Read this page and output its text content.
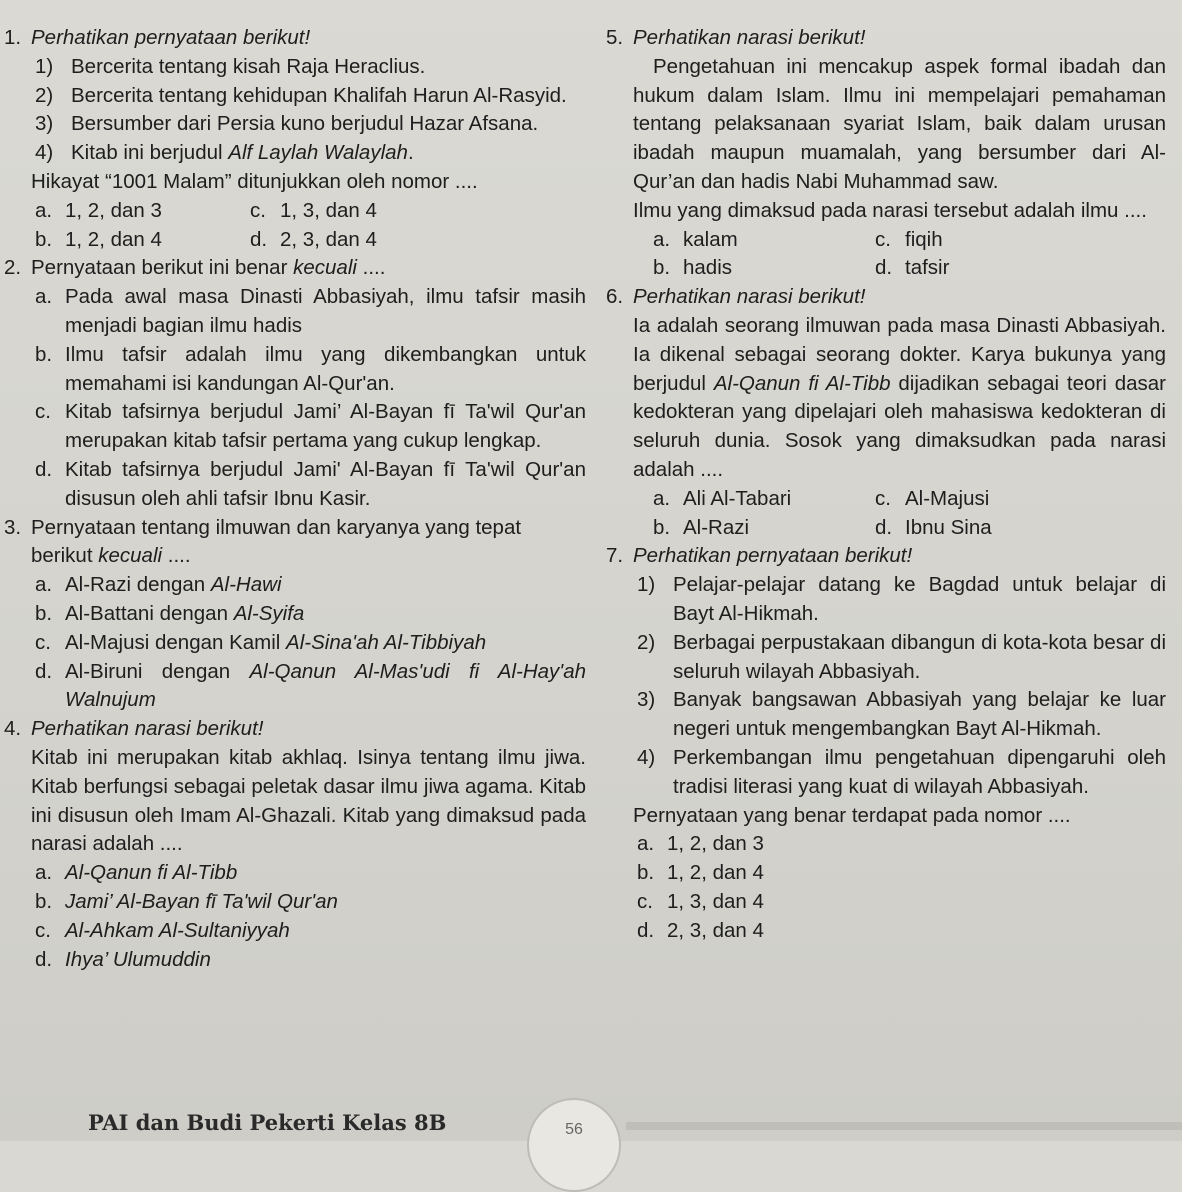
1. Perhatikan pernyataan berikut!
1) Bercerita tentang kisah Raja Heraclius.
2) Bercerita tentang kehidupan Khalifah Harun Al-Rasyid.
3) Bersumber dari Persia kuno berjudul Hazar Afsana.
4) Kitab ini berjudul Alf Laylah Walaylah.
Hikayat “1001 Malam” ditunjukkan oleh nomor ....
a. 1, 2, dan 3	c. 1, 3, dan 4
b. 1, 2, dan 4	d. 2, 3, dan 4
2. Pernyataan berikut ini benar kecuali ....
a. Pada awal masa Dinasti Abbasiyah, ilmu tafsir masih menjadi bagian ilmu hadis
b. Ilmu tafsir adalah ilmu yang dikembangkan untuk memahami isi kandungan Al-Qur'an.
c. Kitab tafsirnya berjudul Jami’ Al-Bayan fī Ta'wil Qur'an merupakan kitab tafsir pertama yang cukup lengkap.
d. Kitab tafsirnya berjudul Jami' Al-Bayan fī Ta'wil Qur'an disusun oleh ahli tafsir Ibnu Kasir.
3. Pernyataan tentang ilmuwan dan karyanya yang tepat berikut kecuali ....
a. Al-Razi dengan Al-Hawi
b. Al-Battani dengan Al-Syifa
c. Al-Majusi dengan Kamil Al-Sina'ah Al-Tibbiyah
d. Al-Biruni dengan Al-Qanun Al-Mas'udi fi Al-Hay'ah Walnujum
4. Perhatikan narasi berikut!
Kitab ini merupakan kitab akhlaq. Isinya tentang ilmu jiwa. Kitab berfungsi sebagai peletak dasar ilmu jiwa agama. Kitab ini disusun oleh Imam Al-Ghazali. Kitab yang dimaksud pada narasi adalah ....
a. Al-Qanun fi Al-Tibb
b. Jami’ Al-Bayan fī Ta'wil Qur'an
c. Al-Ahkam Al-Sultaniyyah
d. Ihya’ Ulumuddin
5. Perhatikan narasi berikut!
Pengetahuan ini mencakup aspek formal ibadah dan hukum dalam Islam. Ilmu ini mempelajari pemahaman tentang pelaksanaan syariat Islam, baik dalam urusan ibadah maupun muamalah, yang bersumber dari Al-Qur’an dan hadis Nabi Muhammad saw.
Ilmu yang dimaksud pada narasi tersebut adalah ilmu ....
a. kalam	c. fiqih
b. hadis	d. tafsir
6. Perhatikan narasi berikut!
Ia adalah seorang ilmuwan pada masa Dinasti Abbasiyah. Ia dikenal sebagai seorang dokter. Karya bukunya yang berjudul Al-Qanun fi Al-Tibb dijadikan sebagai teori dasar kedokteran yang dipelajari oleh mahasiswa kedokteran di seluruh dunia. Sosok yang dimaksudkan pada narasi adalah ....
a. Ali Al-Tabari	c. Al-Majusi
b. Al-Razi	d. Ibnu Sina
7. Perhatikan pernyataan berikut!
1) Pelajar-pelajar datang ke Bagdad untuk belajar di Bayt Al-Hikmah.
2) Berbagai perpustakaan dibangun di kota-kota besar di seluruh wilayah Abbasiyah.
3) Banyak bangsawan Abbasiyah yang belajar ke luar negeri untuk mengembangkan Bayt Al-Hikmah.
4) Perkembangan ilmu pengetahuan dipengaruhi oleh tradisi literasi yang kuat di wilayah Abbasiyah.
Pernyataan yang benar terdapat pada nomor ....
a. 1, 2, dan 3
b. 1, 2, dan 4
c. 1, 3, dan 4
d. 2, 3, dan 4
PAI dan Budi Pekerti Kelas 8B	56
